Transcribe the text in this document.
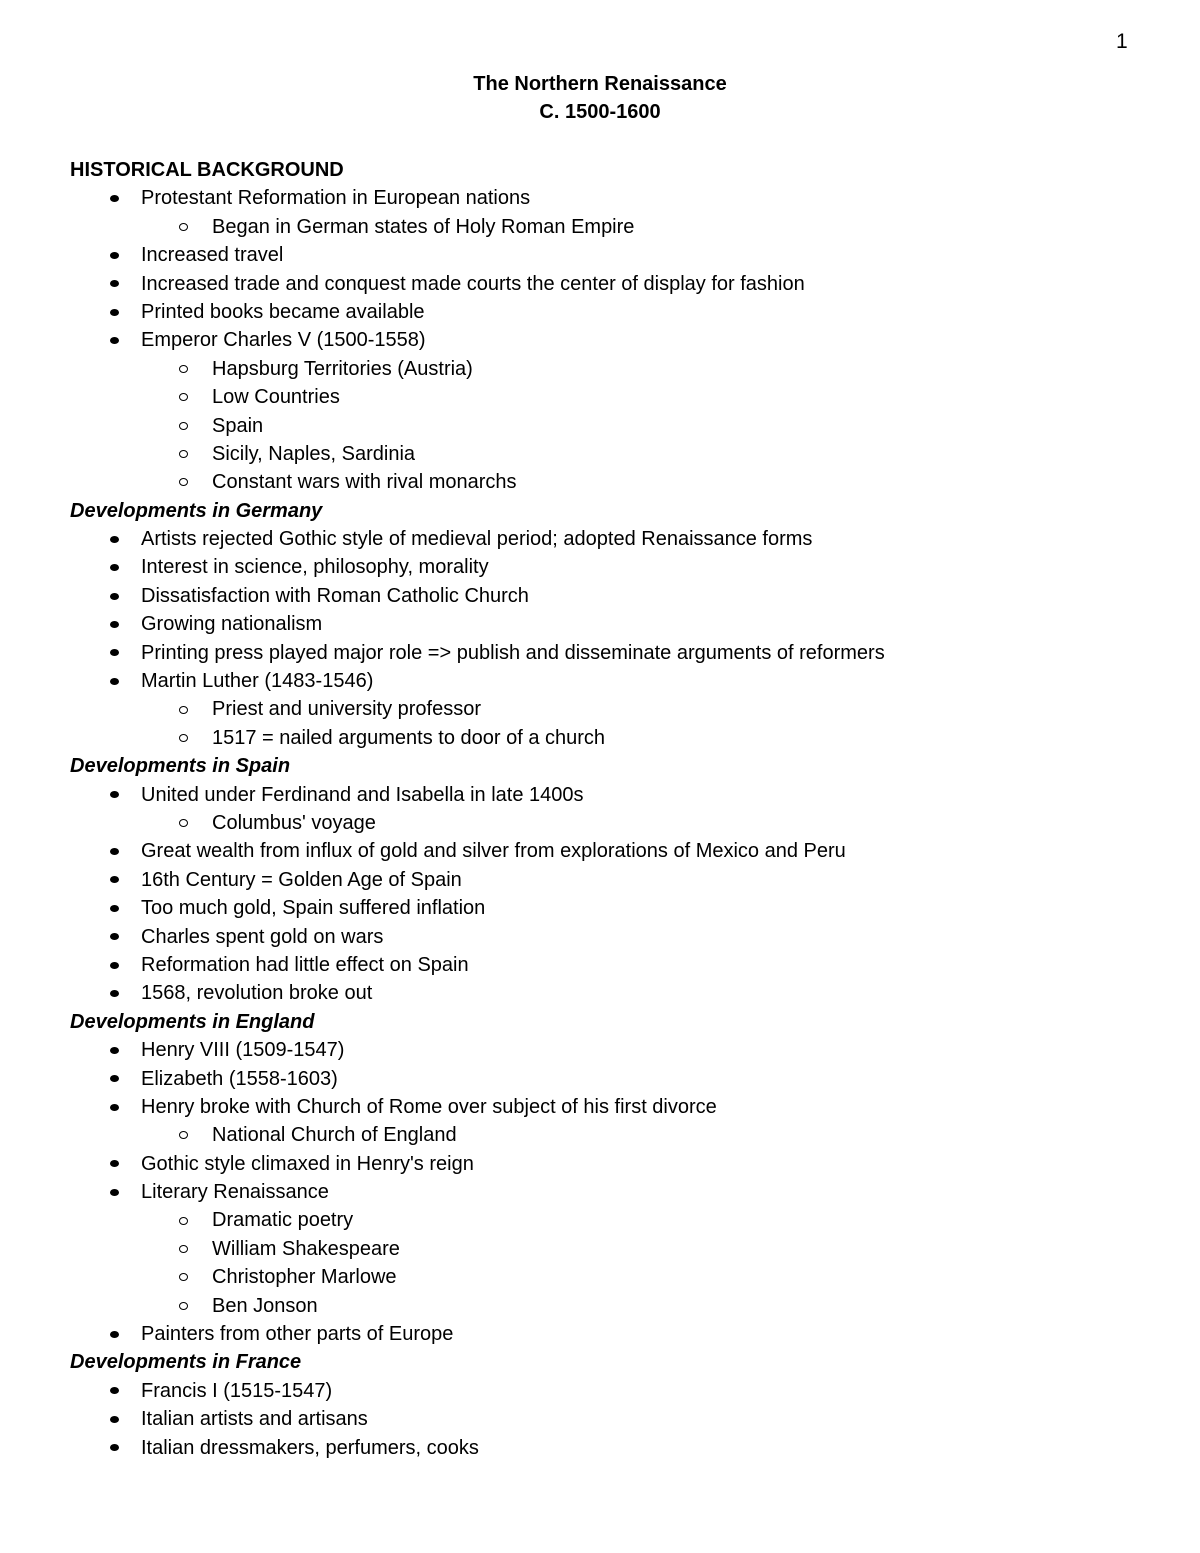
1
The Northern Renaissance
C. 1500-1600
HISTORICAL BACKGROUND
Protestant Reformation in European nations
Began in German states of Holy Roman Empire
Increased travel
Increased trade and conquest made courts the center of display for fashion
Printed books became available
Emperor Charles V (1500-1558)
Hapsburg Territories (Austria)
Low Countries
Spain
Sicily, Naples, Sardinia
Constant wars with rival monarchs
Developments in Germany
Artists rejected Gothic style of medieval period; adopted Renaissance forms
Interest in science, philosophy, morality
Dissatisfaction with Roman Catholic Church
Growing nationalism
Printing press played major role => publish and disseminate arguments of reformers
Martin Luther (1483-1546)
Priest and university professor
1517 = nailed arguments to door of a church
Developments in Spain
United under Ferdinand and Isabella in late 1400s
Columbus' voyage
Great wealth from influx of gold and silver from explorations of Mexico and Peru
16th Century = Golden Age of Spain
Too much gold, Spain suffered inflation
Charles spent gold on wars
Reformation had little effect on Spain
1568, revolution broke out
Developments in England
Henry VIII (1509-1547)
Elizabeth (1558-1603)
Henry broke with Church of Rome over subject of his first divorce
National Church of England
Gothic style climaxed in Henry's reign
Literary Renaissance
Dramatic poetry
William Shakespeare
Christopher Marlowe
Ben Jonson
Painters from other parts of Europe
Developments in France
Francis I (1515-1547)
Italian artists and artisans
Italian dressmakers, perfumers, cooks
